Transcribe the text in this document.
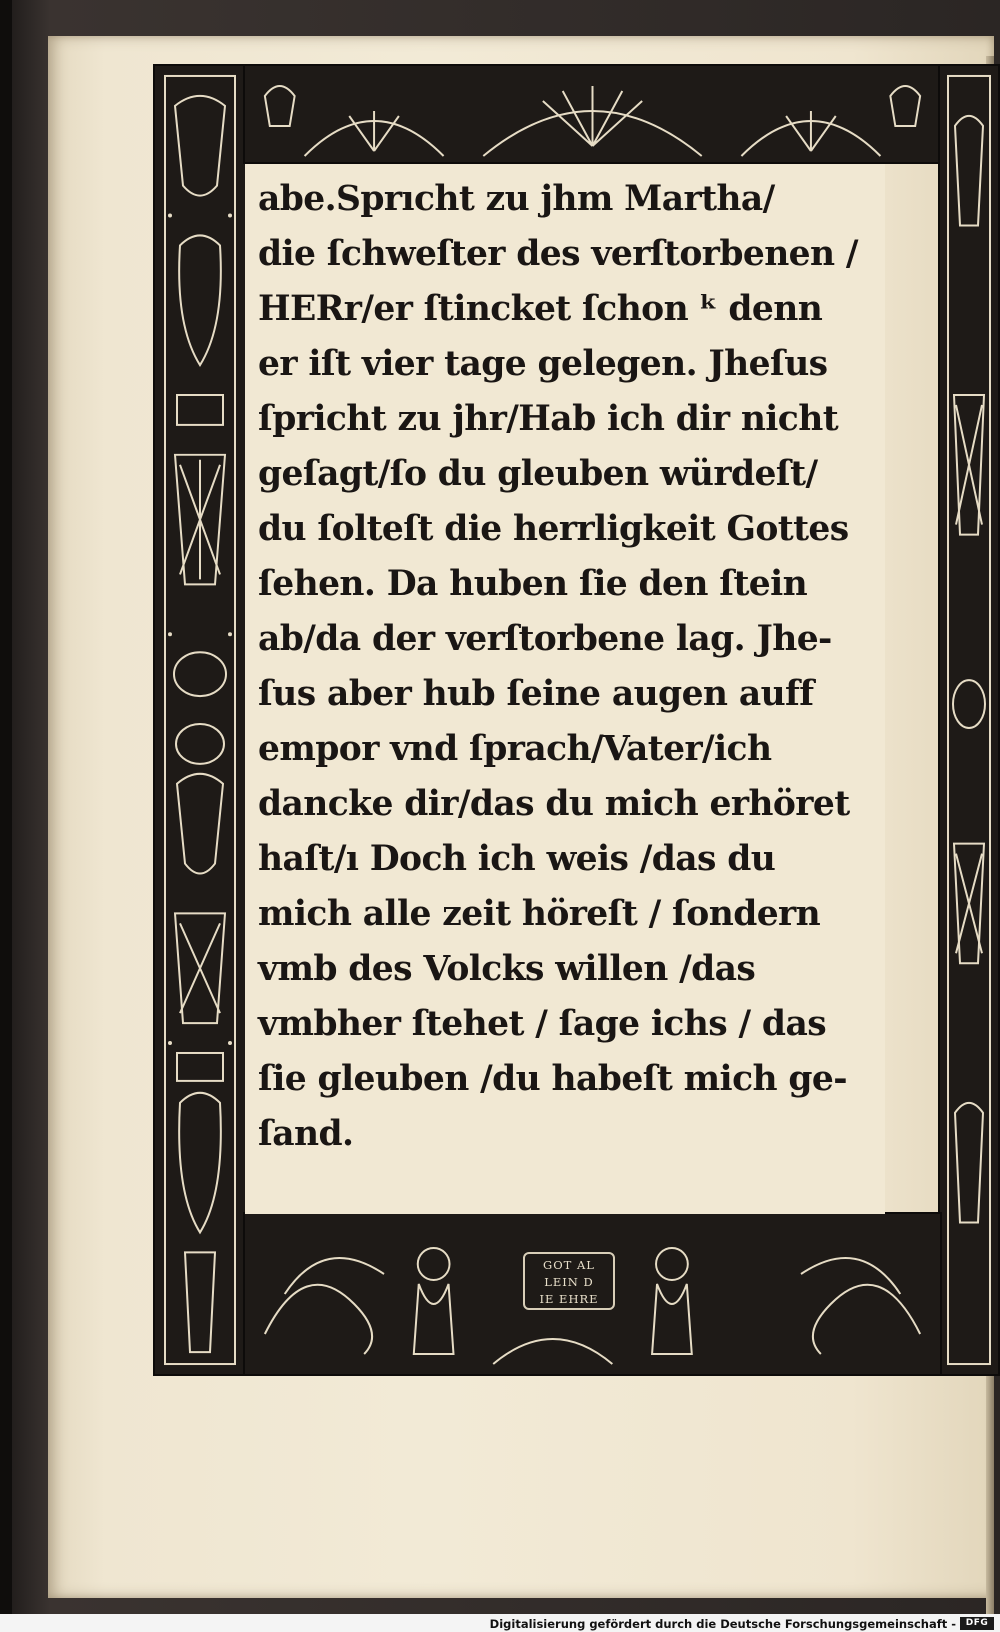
abe.Sprıcht zu jhm Martha/
die ſchweſter des verſtorbenen /
HERr/er ſtincket ſchon ᵏ denn
er iſt vier tage gelegen. Jheſus
ſpricht zu jhr/Hab ich dir nicht
geſagt/ſo du gleuben würdeſt/
du ſolteſt die herrligkeit Gottes
ſehen. Da huben ſie den ſtein
ab/da der verſtorbene lag. Jhe-
ſus aber hub ſeine augen auff
empor vnd ſprach/Vater/ich
dancke dir/das du mich erhöret
haſt/ı Doch ich weis /das du
mich alle zeit höreſt / ſondern
vmb des Volcks willen /das
vmbher ſtehet / ſage ichs / das
ſie gleuben /du habeſt mich ge-
ſand.
GOT AL
LEIN D
IE EHRE
Digitalisierung gefördert durch die Deutsche Forschungsgemeinschaft -	DFG
